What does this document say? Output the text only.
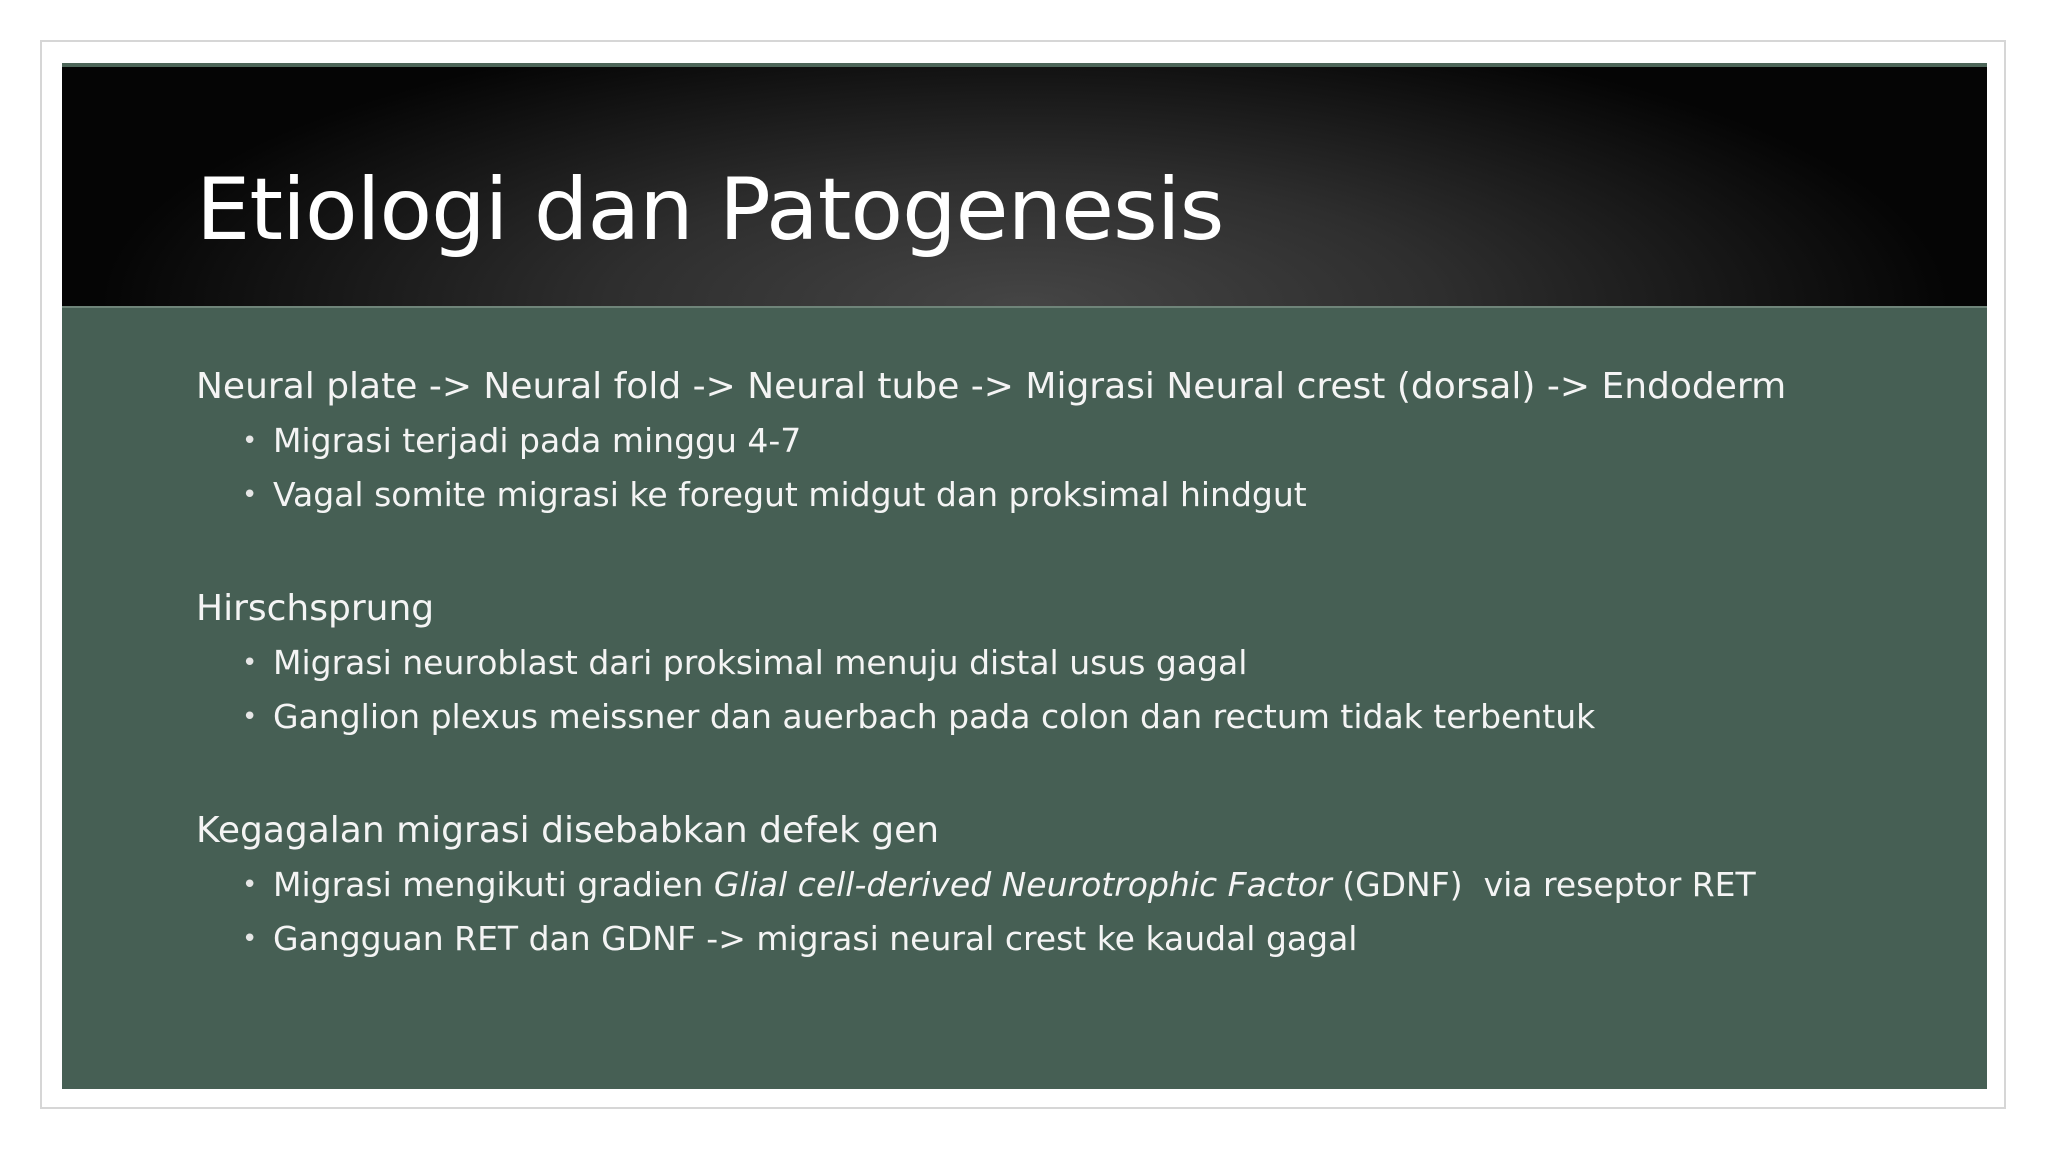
Etiologi dan Patogenesis

Neural plate -> Neural fold -> Neural tube -> Migrasi Neural crest (dorsal) -> Endoderm

• Migrasi terjadi pada minggu 4-7
• Vagal somite migrasi ke foregut midgut dan proksimal hindgut

Hirschsprung

• Migrasi neuroblast dari proksimal menuju distal usus gagal
• Ganglion plexus meissner dan auerbach pada colon dan rectum tidak terbentuk

Kegagalan migrasi disebabkan defek gen

• Migrasi mengikuti gradien Glial cell-derived Neurotrophic Factor (GDNF)  via reseptor RET
• Gangguan RET dan GDNF -> migrasi neural crest ke kaudal gagal
